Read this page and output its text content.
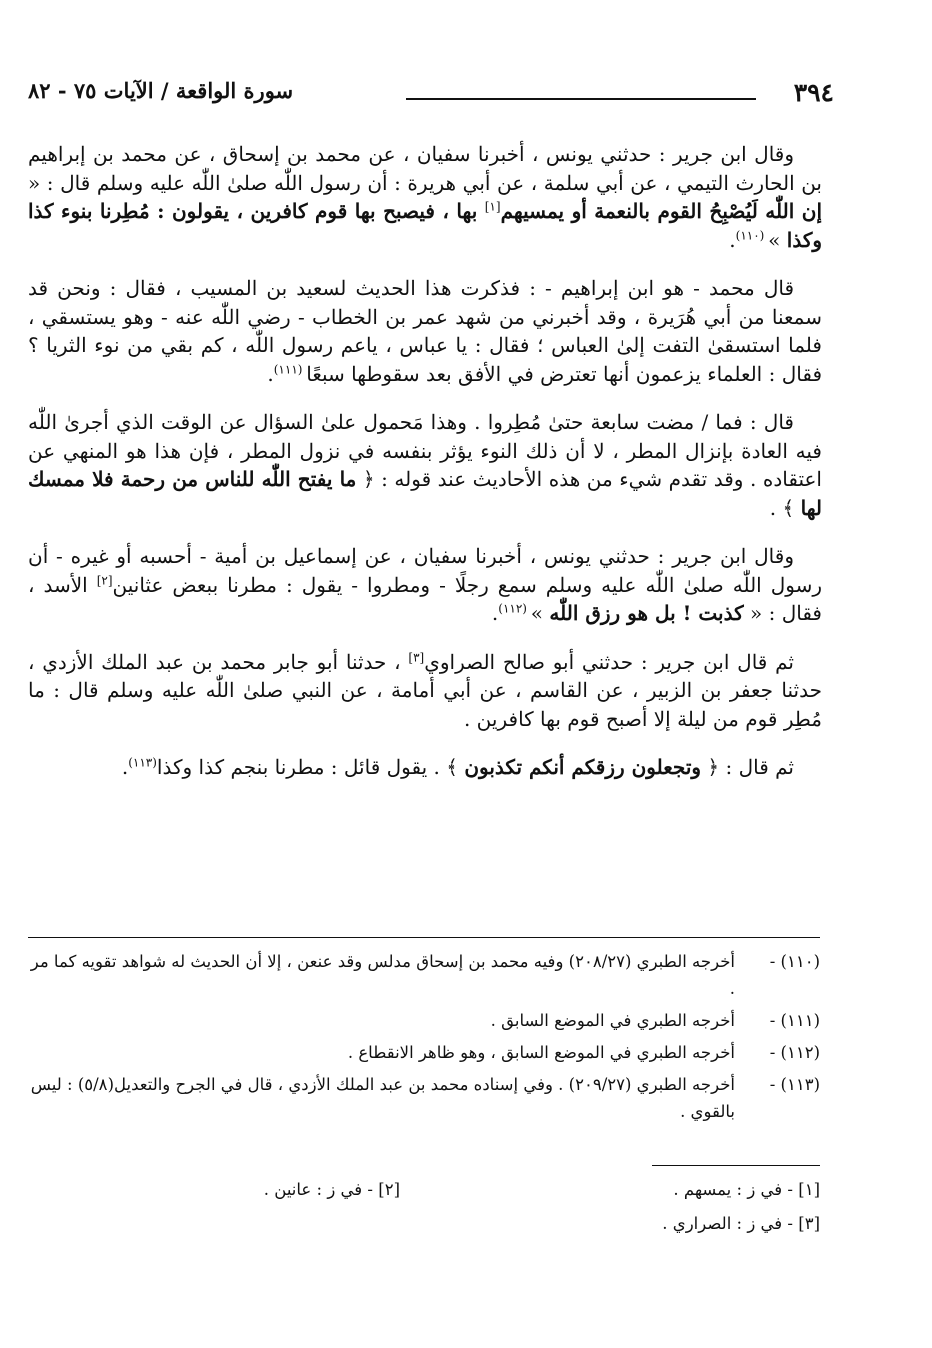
٣٩٤
سورة الواقعة / الآيات ٧٥ - ٨٢

وقال ابن جرير : حدثني يونس ، أخبرنا سفيان ، عن محمد بن إسحاق ، عن محمد بن إبراهيم بن الحارث التيمي ، عن أبي سلمة ، عن أبي هريرة : أن رسول اللّٰه صلىٰ اللّٰه عليه وسلم قال : « إن اللّٰه لَيُصْبِحُ القوم بالنعمة أو يمسيهم[١] بها ، فيصبح بها قوم كافرين ، يقولون : مُطِرنا بنوء كذا وكذا » $^{(١١٠)}$.

قال محمد - هو ابن إبراهيم - : فذكرت هذا الحديث لسعيد بن المسيب ، فقال : ونحن قد سمعنا من أبي هُرَيرة ، وقد أخبرني من شهد عمر بن الخطاب - رضي اللّٰه عنه - وهو يستسقي ، فلما استسقىٰ التفت إلىٰ العباس ؛ فقال : يا عباس ، ياعم رسول اللّٰه ، كم بقي من نوء الثريا ؟ فقال : العلماء يزعمون أنها تعترض في الأفق بعد سقوطها سبعًا $^{(١١١)}$.

قال : فما / مضت سابعة حتىٰ مُطِروا . وهذا مَحمول علىٰ السؤال عن الوقت الذي أجرىٰ اللّٰه فيه العادة بإنزال المطر ، لا أن ذلك النوء يؤثر بنفسه في نزول المطر ، فإن هذا هو المنهي عن اعتقاده . وقد تقدم شيء من هذه الأحاديث عند قوله : ﴿ ما يفتح اللّٰه للناس من رحمة فلا ممسك لها ﴾ .

وقال ابن جرير : حدثني يونس ، أخبرنا سفيان ، عن إسماعيل بن أمية - أحسبه أو غيره - أن رسول اللّٰه صلىٰ اللّٰه عليه وسلم سمع رجلًا - ومطروا - يقول : مطرنا ببعض عثانين[٢] الأسد ، فقال : « كذبت ! بل هو رزق اللّٰه » $^{(١١٢)}$.

ثم قال ابن جرير : حدثني أبو صالح الصراوي[٣] ، حدثنا أبو جابر محمد بن عبد الملك الأزدي ، حدثنا جعفر بن الزبير ، عن القاسم ، عن أبي أمامة ، عن النبي صلىٰ اللّٰه عليه وسلم قال : ما مُطِر قوم من ليلة إلا أصبح قوم بها كافرين .

ثم قال : ﴿ وتجعلون رزقكم أنكم تكذبون ﴾ . يقول قائل : مطرنا بنجم كذا وكذا$^{(١١٣)}$.

(١١٠) -أخرجه الطبري (٢٠٨/٢٧) وفيه محمد بن إسحاق مدلس وقد عنعن ، إلا أن الحديث له شواهد تقويه كما مر .

(١١١) -أخرجه الطبري في الموضع السابق .

(١١٢) -أخرجه الطبري في الموضع السابق ، وهو ظاهر الانقطاع .

(١١٣) -أخرجه الطبري (٢٠٩/٢٧) . وفي إسناده محمد بن عبد الملك الأزدي ، قال في الجرح والتعديل(٥/٨) : ليس بالقوي .

[١] - في ز : يمسهم .
[٢] - في ز : عانين .
[٣] - في ز : الصراري .
